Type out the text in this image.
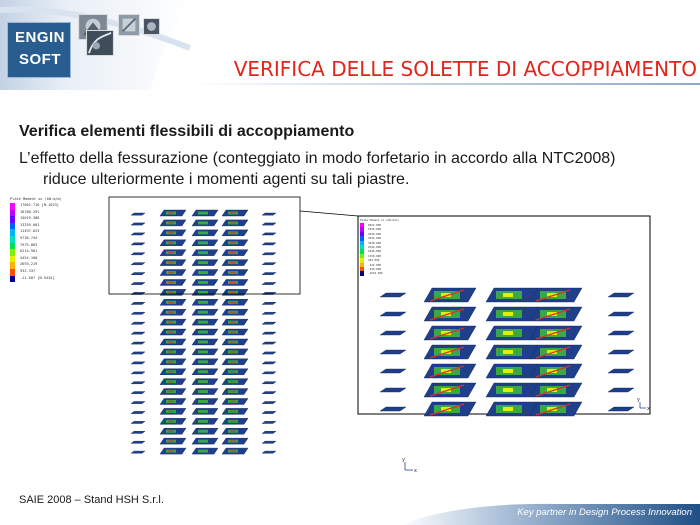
ENGIN
SOFT	VERIFICA DELLE SOLETTE DI ACCOPPIAMENTO
Verifica elementi flessibili di accoppiamento
L’effetto della fessurazione (conteggiato in modo forfetario in accordo alla NTC2008)
riduce ulteriormente i momenti agenti su tali piastre.
y
x
y
x
Plate Moment xx (kN·m/m)
17662.716 [N.1023]
16780.291
15019.388
13259.001
11497.623
9736.744
7975.863
6214.981
4454.100
2693.219
932.337
-11.607 [N.5434]
Plate Moment xx (kN·m/m)
6022.000
5326.000
4630.000
3934.000
3238.000
2542.000
1846.000
1150.000
454.000
-242.000
-938.000
-1634.000
SAIE 2008 – Stand HSH S.r.l.
Key partner in Design Process Innovation
